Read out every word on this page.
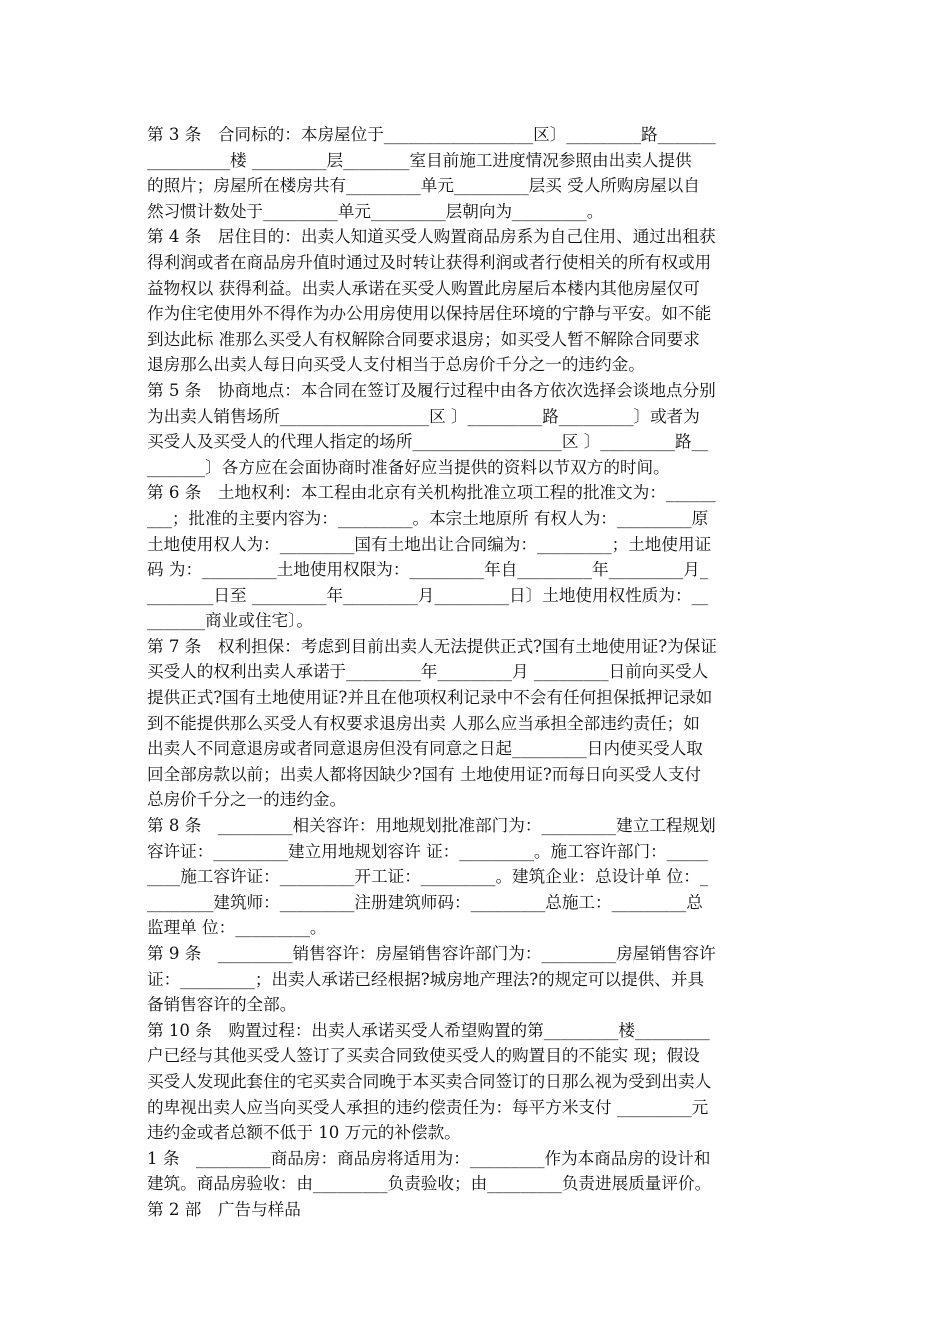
第 3 条　合同标的：本房屋位于__________________区〕_________路_______
__________楼 _________层________室目前施工进度情况参照由出卖人提供
的照片；房屋所在楼房共有_________单元_________层买 受人所购房屋以自
然习惯计数处于_________单元_________层朝向为_________。
第 4 条　居住目的：出卖人知道买受人购置商品房系为自己住用、通过出租获
得利润或者在商品房升值时通过及时转让获得利润或者行使相关的所有权或用
益物权以 获得利益。出卖人承诺在买受人购置此房屋后本楼内其他房屋仅可
作为住宅使用外不得作为办公用房使用以保持居住环境的宁静与平安。如不能
到达此标 准那么买受人有权解除合同要求退房；如买受人暂不解除合同要求
退房那么出卖人每日向买受人支付相当于总房价千分之一的违约金。
第 5 条　协商地点：本合同在签订及履行过程中由各方依次选择会谈地点分别
为出卖人销售场所__________________区 〕_________路_________〕或者为
买受人及买受人的代理人指定的场所__________________区 〕_________路__
_______〕各方应在会面协商时准备好应当提供的资料以节双方的时间。
第 6 条　土地权利：本工程由北京有关机构批准立项工程的批准文为：______
___；批准的主要内容为：_________。本宗土地原所 有权人为：_________原
土地使用权人为：_________国有土地出让合同编为：_________；土地使用证
码 为：_________土地使用权限为：_________年自_________年_________月_
________日至 _________年_________月_________日〕土地使用权性质为：__
_______商业或住宅〕。
第 7 条　权利担保：考虑到目前出卖人无法提供正式?国有土地使用证?为保证
买受人的权利出卖人承诺于_________年_________月 _________日前向买受人
提供正式?国有土地使用证?并且在他项权利记录中不会有任何担保抵押记录如
到不能提供那么买受人有权要求退房出卖 人那么应当承担全部违约责任；如
出卖人不同意退房或者同意退房但没有同意之日起_________日内使买受人取
回全部房款以前；出卖人都将因缺少?国有 土地使用证?而每日向买受人支付
总房价千分之一的违约金。
第 8 条　_________相关容许：用地规划批准部门为：_________建立工程规划
容许证：_________建立用地规划容许 证：_________。施工容许部门：_____
____施工容许证：_________开工证：_________。建筑企业：总设计单 位：_
________建筑师：_________注册建筑师码：_________总施工：_________总
监理单 位：_________。
第 9 条　_________销售容许：房屋销售容许部门为：_________房屋销售容许
证：_________；出卖人承诺已经根据?城房地产理法?的规定可以提供、并具
备销售容许的全部。
第 10 条　购置过程：出卖人承诺买受人希望购置的第_________楼_________
户已经与其他买受人签订了买卖合同致使买受人的购置目的不能实 现；假设
买受人发现此套住的宅买卖合同晚于本买卖合同签订的日那么视为受到出卖人
的卑视出卖人应当向买受人承担的违约偿责任为：每平方米支付 _________元
违约金或者总额不低于 10 万元的补偿款。
1 条　_________商品房：商品房将适用为：_________作为本商品房的设计和
建筑。商品房验收：由_________负责验收；由_________负责进展质量评价。
第 2 部　广告与样品
